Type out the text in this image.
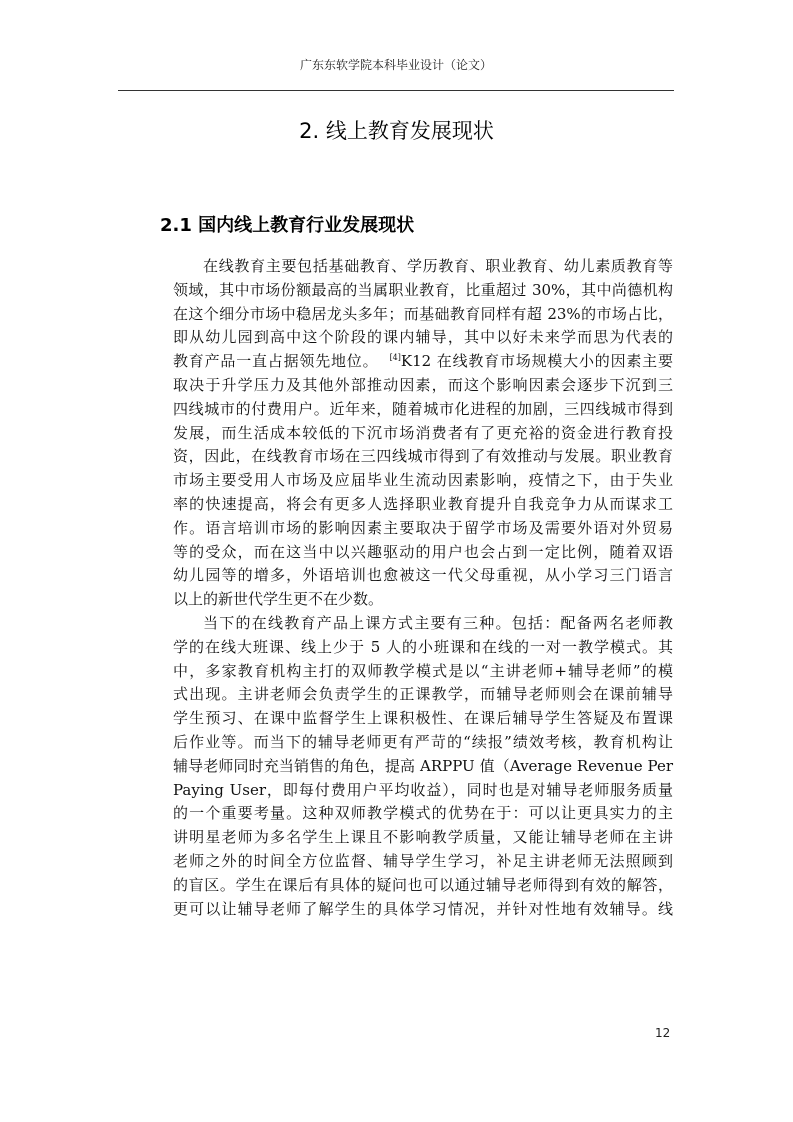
广东东软学院本科毕业设计（论文）
2. 线上教育发展现状
2.1 国内线上教育行业发展现状
在线教育主要包括基础教育、学历教育、职业教育、幼儿素质教育等
领域，其中市场份额最高的当属职业教育，比重超过 30%，其中尚德机构
在这个细分市场中稳居龙头多年；而基础教育同样有超 23%的市场占比，
即从幼儿园到高中这个阶段的课内辅导，其中以好未来学而思为代表的
教育产品一直占据领先地位。 [4]K12 在线教育市场规模大小的因素主要
取决于升学压力及其他外部推动因素，而这个影响因素会逐步下沉到三
四线城市的付费用户。近年来，随着城市化进程的加剧，三四线城市得到
发展，而生活成本较低的下沉市场消费者有了更充裕的资金进行教育投
资，因此，在线教育市场在三四线城市得到了有效推动与发展。职业教育
市场主要受用人市场及应届毕业生流动因素影响，疫情之下，由于失业
率的快速提高，将会有更多人选择职业教育提升自我竞争力从而谋求工
作。语言培训市场的影响因素主要取决于留学市场及需要外语对外贸易
等的受众，而在这当中以兴趣驱动的用户也会占到一定比例，随着双语
幼儿园等的增多，外语培训也愈被这一代父母重视，从小学习三门语言
以上的新世代学生更不在少数。
当下的在线教育产品上课方式主要有三种。包括：配备两名老师教
学的在线大班课、线上少于 5 人的小班课和在线的一对一教学模式。其
中，多家教育机构主打的双师教学模式是以“主讲老师+辅导老师”的模
式出现。主讲老师会负责学生的正课教学，而辅导老师则会在课前辅导
学生预习、在课中监督学生上课积极性、在课后辅导学生答疑及布置课
后作业等。而当下的辅导老师更有严苛的“续报”绩效考核，教育机构让
辅导老师同时充当销售的角色，提高 ARPPU 值（Average Revenue Per
Paying User，即每付费用户平均收益），同时也是对辅导老师服务质量
的一个重要考量。这种双师教学模式的优势在于：可以让更具实力的主
讲明星老师为多名学生上课且不影响教学质量，又能让辅导老师在主讲
老师之外的时间全方位监督、辅导学生学习，补足主讲老师无法照顾到
的盲区。学生在课后有具体的疑问也可以通过辅导老师得到有效的解答，
更可以让辅导老师了解学生的具体学习情况，并针对性地有效辅导。线
12
